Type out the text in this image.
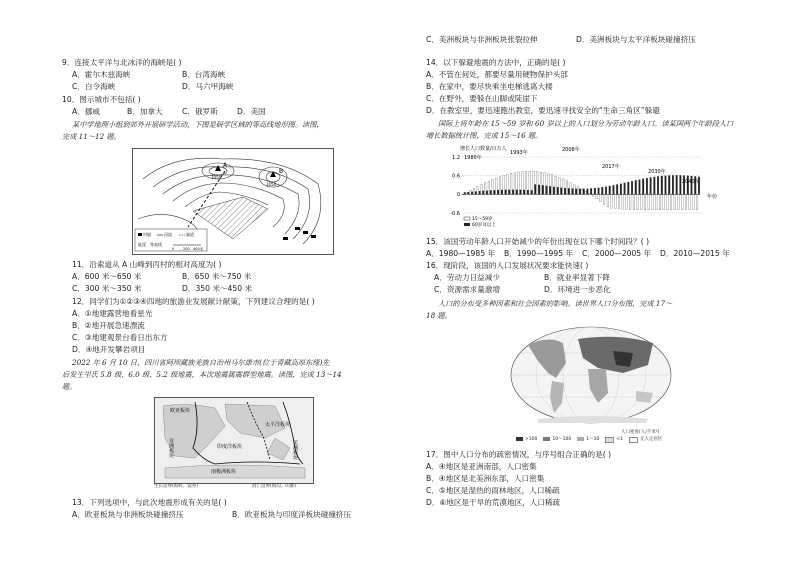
9．连接太平洋与北冰洋的海峡是( )
A．霍尔木兹海峡	B．台湾海峡
C．白令海峡	D．马六甲海峡
10．图示城市不包括( )
A．挪威	B．加拿大	C．俄罗斯	D．美国
某中学地理小组到郊外开展研学活动，下图是研学区域的等高线地形图。读图，
完成 11～12 题。
A
B
1050
1050
村镇	河流	索道
陡崖 等高线
0	200 400米
11．沿索道从 A 山峰到丙村的相对高度为( )
A．600 米～650 米	B．650 米～750 米
C．300 米～350 米	D．350 米～450 米
12．同学们为①②③④四地的旅游业发展献计献策，下列建议合理的是( )
A．①地建露营地看星光
B．②地开展急速漂流
C．③地建观景台看日出东方
D．④地开发攀岩项目
2022 年 6 月 10 日，四川省阿坝藏族羌族自治州马尔康市(位于青藏高原东缘)先
后发生里氏 5.8 级、6.0 级、5.2 级地震，本次地震属震群型地震。读图，完成 13～14
题。
欧亚板块
太平洋板块
美洲板块
非洲板块	印度洋板块
南极洲板块
生长边界(海岭、裂谷)	消亡边界(海沟、山脉)
13．下列选项中，与此次地震形成有关的是( )
A．欧亚板块与非洲板块碰撞挤压	B．欧亚板块与印度洋板块碰撞挤压
C．美洲板块与非洲板块张裂拉伸	D．美洲板块与太平洋板块碰撞挤压
14．以下躲避地震的方法中，正确的是( )
A．不管在何处，都要尽量用硬物保护头部
B．在家中，要尽快乘坐电梯逃离大楼
C．在野外，要躲在山脚或陡崖下
D．在教室里，要迅速跑出教室，要迅速寻找安全的“生命三角区”躲避
国际上将年龄在 15～59 岁和 60 岁以上的人口划分为劳动年龄人口。读某国两个年龄段人口
增长数据统计图，完成 15～16 题。
增长人口数量/百万人
1.2
0.6
0
-0.6
1980年
1993年	2008年
2017年
2030年
2040年
年份
15～59岁
60岁及以上
15．该国劳动年龄人口开始减少的年份出现在以下哪个时间段？( )
A．1980—1985 年	B．1990—1995 年	C．2000—2005 年	D．2010—2015 年
16．现阶段，该国的人口发展状况要求能快速( )
A．劳动力日益减少	B．就业率显著下降
C．资源需求量激增	D．环境进一步恶化
人口的分布受多种因素和社会因素的影响。读世界人口分布图，完成 17～
18 题。
人口密度(人/千米²)
>100	10～100	1～10	<1	无人定居区
17．图中人口分布的疏密情况，与序号组合正确的是( )
A．④地区是亚洲南部，人口密集
B．④地区是北美洲东部，人口密集
C．⑤地区是湿热的雨林地区，人口稀疏
D．⑥地区是干旱的荒漠地区，人口稀疏
